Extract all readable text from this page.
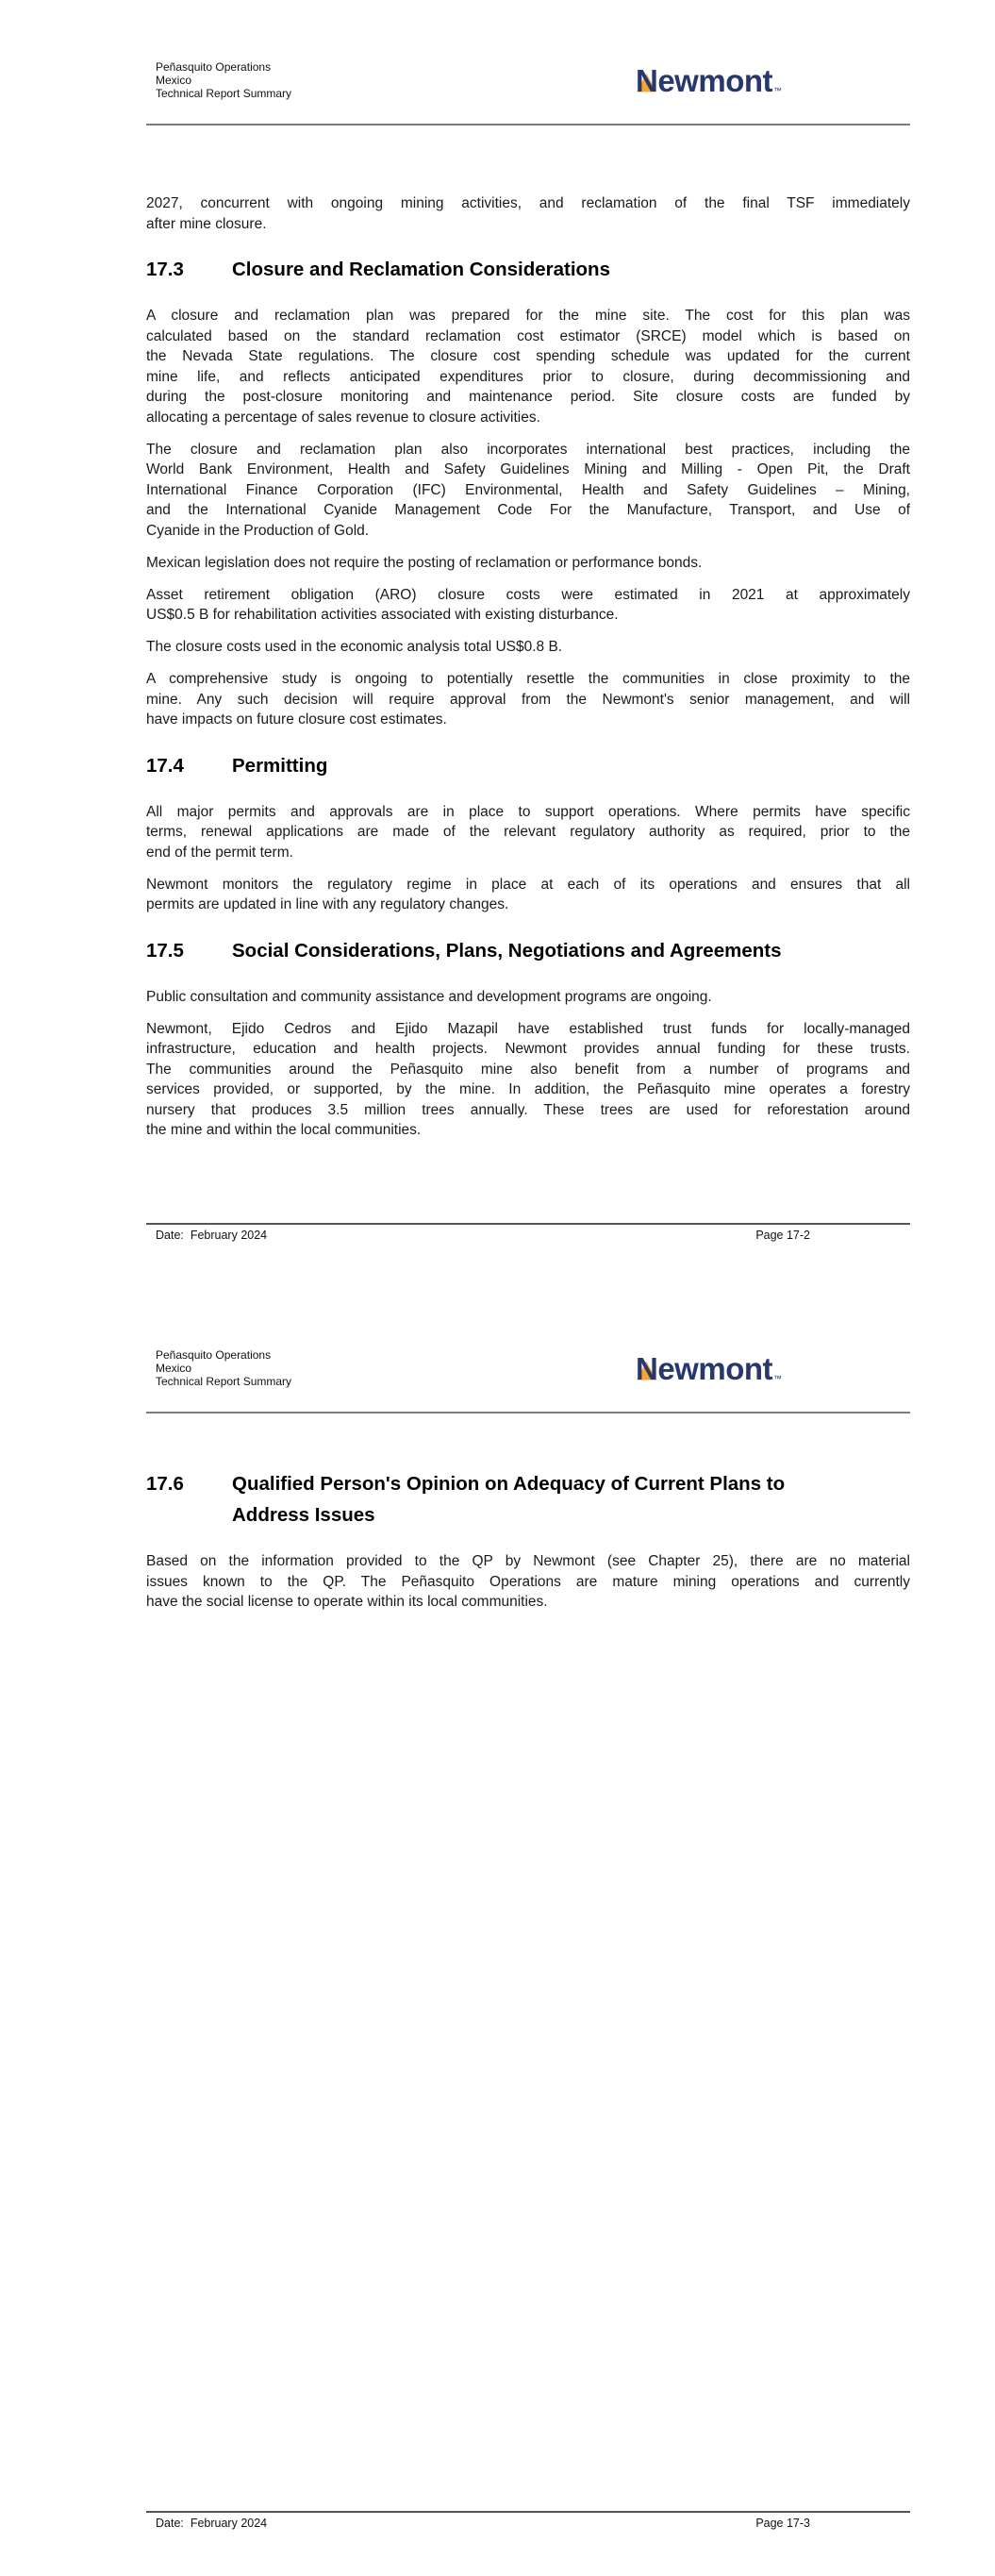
Peñasquito Operations
Mexico
Technical Report Summary	Newmont ™
2027, concurrent with ongoing mining activities, and reclamation of the final TSF immediately
after mine closure.
17.3	Closure and Reclamation Considerations
A closure and reclamation plan was prepared for the mine site. The cost for this plan was
calculated based on the standard reclamation cost estimator (SRCE) model which is based on
the Nevada State regulations. The closure cost spending schedule was updated for the current
mine life, and reflects anticipated expenditures prior to closure, during decommissioning and
during the post-closure monitoring and maintenance period. Site closure costs are funded by
allocating a percentage of sales revenue to closure activities.
The closure and reclamation plan also incorporates international best practices, including the
World Bank Environment, Health and Safety Guidelines Mining and Milling - Open Pit, the Draft
International Finance Corporation (IFC) Environmental, Health and Safety Guidelines – Mining,
and the International Cyanide Management Code For the Manufacture, Transport, and Use of
Cyanide in the Production of Gold.
Mexican legislation does not require the posting of reclamation or performance bonds.
Asset retirement obligation (ARO) closure costs were estimated in 2021 at approximately
US$0.5 B for rehabilitation activities associated with existing disturbance.
The closure costs used in the economic analysis total US$0.8 B.
A comprehensive study is ongoing to potentially resettle the communities in close proximity to the
mine. Any such decision will require approval from the Newmont's senior management, and will
have impacts on future closure cost estimates.
17.4	Permitting
All major permits and approvals are in place to support operations. Where permits have specific
terms, renewal applications are made of the relevant regulatory authority as required, prior to the
end of the permit term.
Newmont monitors the regulatory regime in place at each of its operations and ensures that all
permits are updated in line with any regulatory changes.
17.5	Social Considerations, Plans, Negotiations and Agreements
Public consultation and community assistance and development programs are ongoing.
Newmont, Ejido Cedros and Ejido Mazapil have established trust funds for locally-managed
infrastructure, education and health projects. Newmont provides annual funding for these trusts.
The communities around the Peñasquito mine also benefit from a number of programs and
services provided, or supported, by the mine. In addition, the Peñasquito mine operates a forestry
nursery that produces 3.5 million trees annually. These trees are used for reforestation around
the mine and within the local communities.
Date:  February 2024	Page 17-2
Peñasquito Operations
Mexico
Technical Report Summary	Newmont ™
17.6	Qualified Person's Opinion on Adequacy of Current Plans to
Address Issues
Based on the information provided to the QP by Newmont (see Chapter 25), there are no material
issues known to the QP. The Peñasquito Operations are mature mining operations and currently
have the social license to operate within its local communities.
Date:  February 2024	Page 17-3
